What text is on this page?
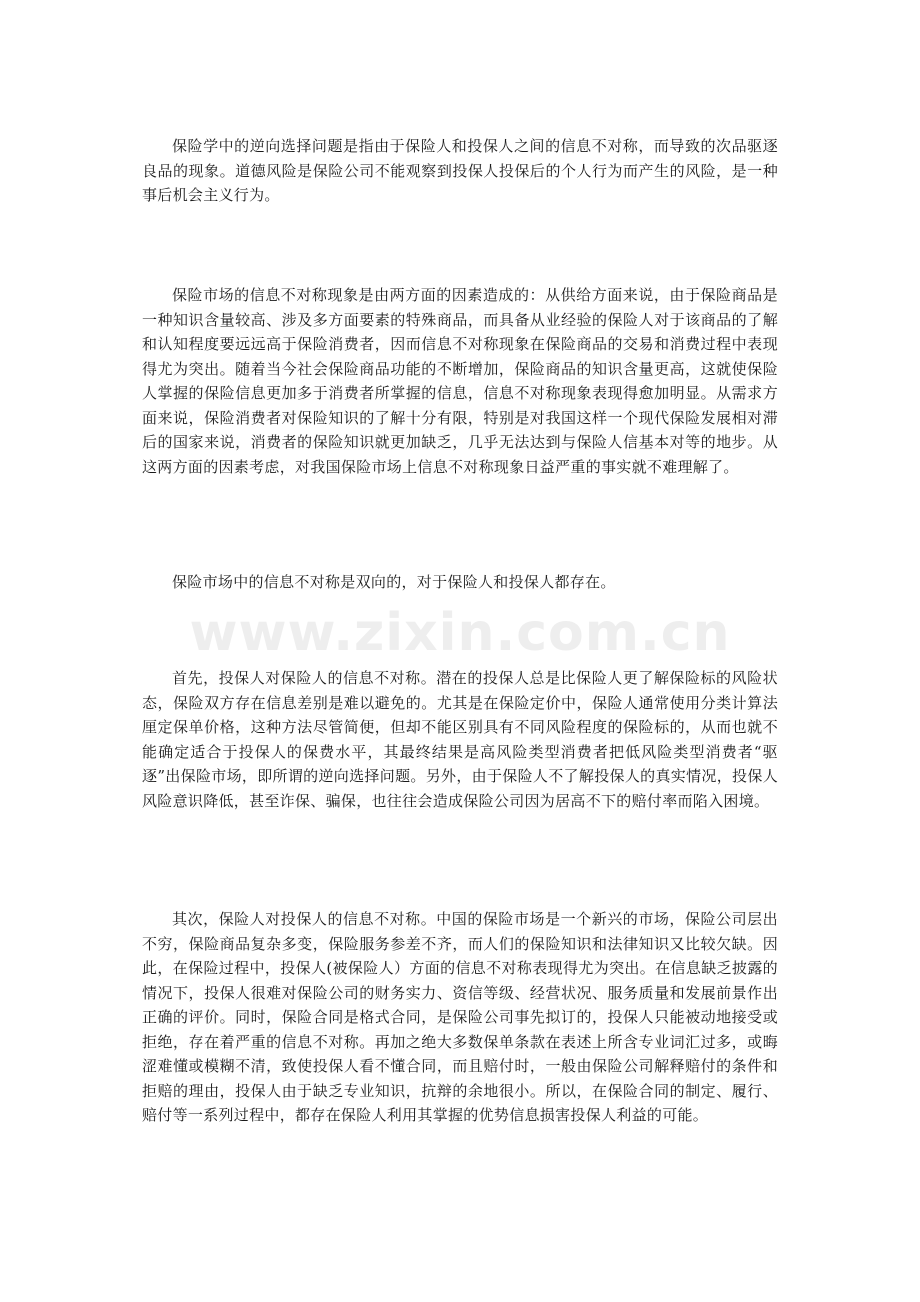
保险学中的逆向选择问题是指由于保险人和投保人之间的信息不对称，而导致的次品驱逐良品的现象。道德风险是保险公司不能观察到投保人投保后的个人行为而产生的风险，是一种事后机会主义行为。

保险市场的信息不对称现象是由两方面的因素造成的：从供给方面来说，由于保险商品是一种知识含量较高、涉及多方面要素的特殊商品，而具备从业经验的保险人对于该商品的了解和认知程度要远远高于保险消费者，因而信息不对称现象在保险商品的交易和消费过程中表现得尤为突出。随着当今社会保险商品功能的不断增加，保险商品的知识含量更高，这就使保险人掌握的保险信息更加多于消费者所掌握的信息，信息不对称现象表现得愈加明显。从需求方面来说，保险消费者对保险知识的了解十分有限，特别是对我国这样一个现代保险发展相对滞后的国家来说，消费者的保险知识就更加缺乏，几乎无法达到与保险人信基本对等的地步。从这两方面的因素考虑，对我国保险市场上信息不对称现象日益严重的事实就不难理解了。

保险市场中的信息不对称是双向的，对于保险人和投保人都存在。

www.zixin.com.cn

首先，投保人对保险人的信息不对称。潜在的投保人总是比保险人更了解保险标的风险状态，保险双方存在信息差别是难以避免的。尤其是在保险定价中，保险人通常使用分类计算法厘定保单价格，这种方法尽管简便，但却不能区别具有不同风险程度的保险标的，从而也就不能确定适合于投保人的保费水平，其最终结果是高风险类型消费者把低风险类型消费者“驱逐”出保险市场，即所谓的逆向选择问题。另外，由于保险人不了解投保人的真实情况，投保人风险意识降低，甚至诈保、骗保，也往往会造成保险公司因为居高不下的赔付率而陷入困境。

其次，保险人对投保人的信息不对称。中国的保险市场是一个新兴的市场，保险公司层出不穷，保险商品复杂多变，保险服务参差不齐，而人们的保险知识和法律知识又比较欠缺。因此，在保险过程中，投保人(被保险人）方面的信息不对称表现得尤为突出。在信息缺乏披露的情况下，投保人很难对保险公司的财务实力、资信等级、经营状况、服务质量和发展前景作出正确的评价。同时，保险合同是格式合同，是保险公司事先拟订的，投保人只能被动地接受或拒绝，存在着严重的信息不对称。再加之绝大多数保单条款在表述上所含专业词汇过多，或晦涩难懂或模糊不清，致使投保人看不懂合同，而且赔付时，一般由保险公司解释赔付的条件和拒赔的理由，投保人由于缺乏专业知识，抗辩的余地很小。所以，在保险合同的制定、履行、赔付等一系列过程中，都存在保险人利用其掌握的优势信息损害投保人利益的可能。
